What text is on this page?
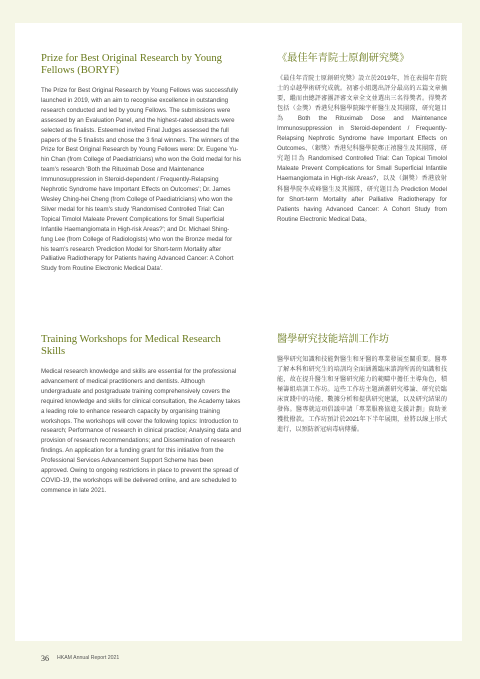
Prize for Best Original Research by Young Fellows (BORYF)

The Prize for Best Original Research by Young Fellows was successfully launched in 2019, with an aim to recognise excellence in outstanding research conducted and led by young Fellows. The submissions were assessed by an Evaluation Panel, and the highest-rated abstracts were selected as finalists. Esteemed invited Final Judges assessed the full papers of the 5 finalists and chose the 3 final winners. The winners of the Prize for Best Original Research by Young Fellows were: Dr. Eugene Yu-hin Chan (from College of Paediatricians) who won the Gold medal for his team's research 'Both the Rituximab Dose and Maintenance Immunosuppression in Steroid-dependent / Frequently-Relapsing Nephrotic Syndrome have Important Effects on Outcomes'; Dr. James Wesley Ching-hei Cheng (from College of Paediatricians) who won the Silver medal for his team's study 'Randomised Controlled Trial: Can Topical Timolol Maleate Prevent Complications for Small Superficial Infantile Haemangiomata in High-risk Areas?'; and Dr. Michael Shing-fung Lee (from College of Radiologists) who won the Bronze medal for his team's research 'Prediction Model for Short-term Mortality after Palliative Radiotherapy for Patients having Advanced Cancer: A Cohort Study from Routine Electronic Medical Data'.

Training Workshops for Medical Research Skills

Medical research knowledge and skills are essential for the professional advancement of medical practitioners and dentists. Although undergraduate and postgraduate training comprehensively covers the required knowledge and skills for clinical consultation, the Academy takes a leading role to enhance research capacity by organising training workshops. The workshops will cover the following topics: Introduction to research; Performance of research in clinical practice; Analysing data and provision of research recommendations; and Dissemination of research findings. An application for a funding grant for this initiative from the Professional Services Advancement Support Scheme has been approved. Owing to ongoing restrictions in place to prevent the spread of COVID-19, the workshops will be delivered online, and are scheduled to commence in late 2021.

《最佳年青院士原創研究獎》

《最佳年青院士原創研究獎》設立於2019年，旨在表揚年青院士的卓越學術研究成就。初審小組選出評分最高的五篇文章摘要，繼而由總評審團評審文章全文並選出三名得獎者。得獎者包括（金獎）香港兒科醫學院陳宇軒醫生及其團隊，研究題目為 Both the Rituximab Dose and Maintenance Immunosuppression in Steroid-dependent / Frequently-Relapsing Nephrotic Syndrome have Important Effects on Outcomes、（銀獎）香港兒科醫學院鄭正禧醫生及其團隊，研究題目為 Randomised Controlled Trial: Can Topical Timolol Maleate Prevent Complications for Small Superficial Infantile Haemangiomata in High-risk Areas?，以及（銅獎）香港放射科醫學院李成峰醫生及其團隊，研究題目為 Prediction Model for Short-term Mortality after Palliative Radiotherapy for Patients having Advanced Cancer: A Cohort Study from Routine Electronic Medical Data。

醫學研究技能培訓工作坊

醫學研究知識和技能對醫生和牙醫的專業發展至關重要。醫專了解本科和研究生的培訓均全面涵蓋臨床諮詢所需的知識和技能，故在提升醫生和牙醫研究能力的範疇中擔任主導角色，積極籌組培訓工作坊。這些工作坊主題涵蓋研究導論、研究於臨床實踐中的功能、數據分析和提供研究建議，以及研究結果的發佈。醫專就這項倡議申請「專業服務協進支援計劃」資助並獲批撥款。工作坊預計於2021年下半年展開，並將以線上形式進行，以預防新冠病毒病傳播。

36 HKAM Annual Report 2021
